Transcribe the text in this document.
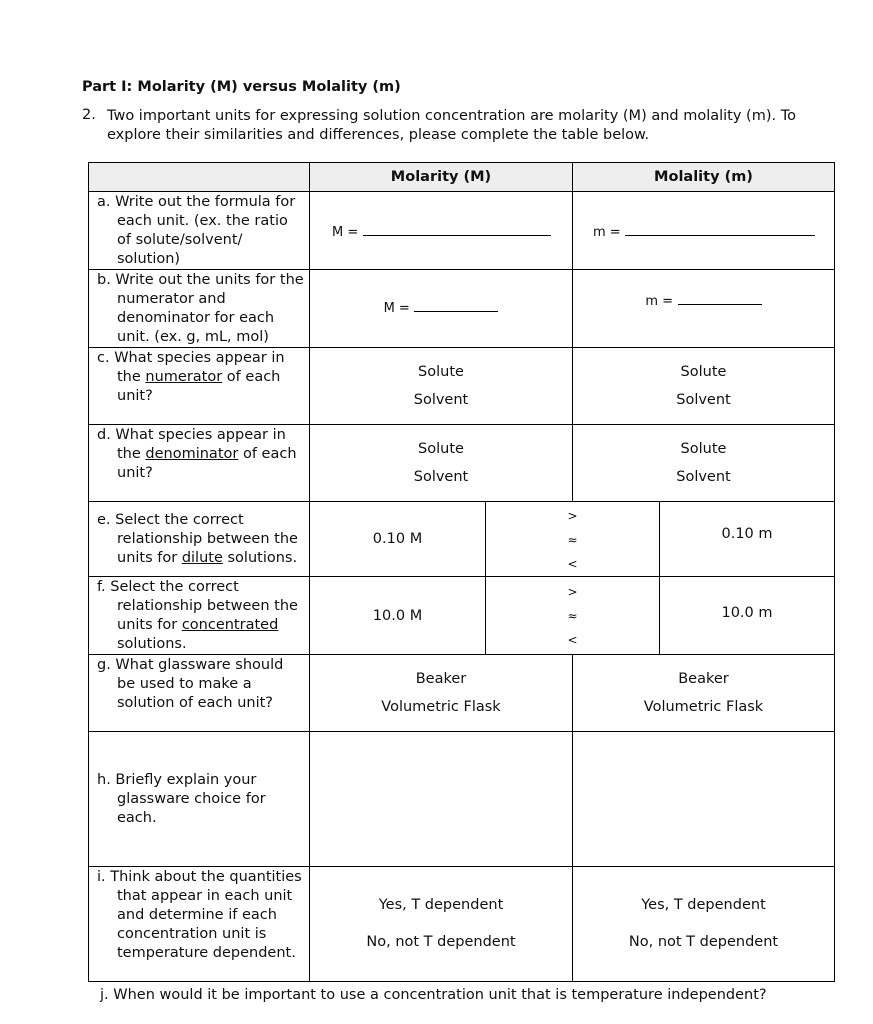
Part I: Molarity (M) versus Molality (m)
2. Two important units for expressing solution concentration are molarity (M) and molality (m). To explore their similarities and differences, please complete the table below.
	Molarity (M)		Molality (m)	
a. Write out the formula for each unit. (ex. the ratio of solute/solvent/ solution)	M =		m =	
b. Write out the units for the numerator and denominator for each unit. (ex. g, mL, mol)	M =		m =	
c. What species appear in the numerator of each unit?	Solute
Solvent		Solute
Solvent	

d. What species appear in the denominator of each unit?	Solute
Solvent		Solute
Solvent	

e. Select the correct relationship between the units for dilute solutions.	0.10 M	>
≈
<		0.10 m
f. Select the correct relationship between the units for concentrated solutions.	10.0 M	>
≈
<		10.0 m
g. What glassware should be used to make a solution of each unit?	Beaker
Volumetric Flask		Beaker
Volumetric Flask	

h. Briefly explain your glassware choice for each.				
i. Think about the quantities that appear in each unit and determine if each concentration unit is temperature dependent.	Yes, T dependent
No, not T dependent		Yes, T dependent
No, not T dependent	
j. When would it be important to use a concentration unit that is temperature independent?
